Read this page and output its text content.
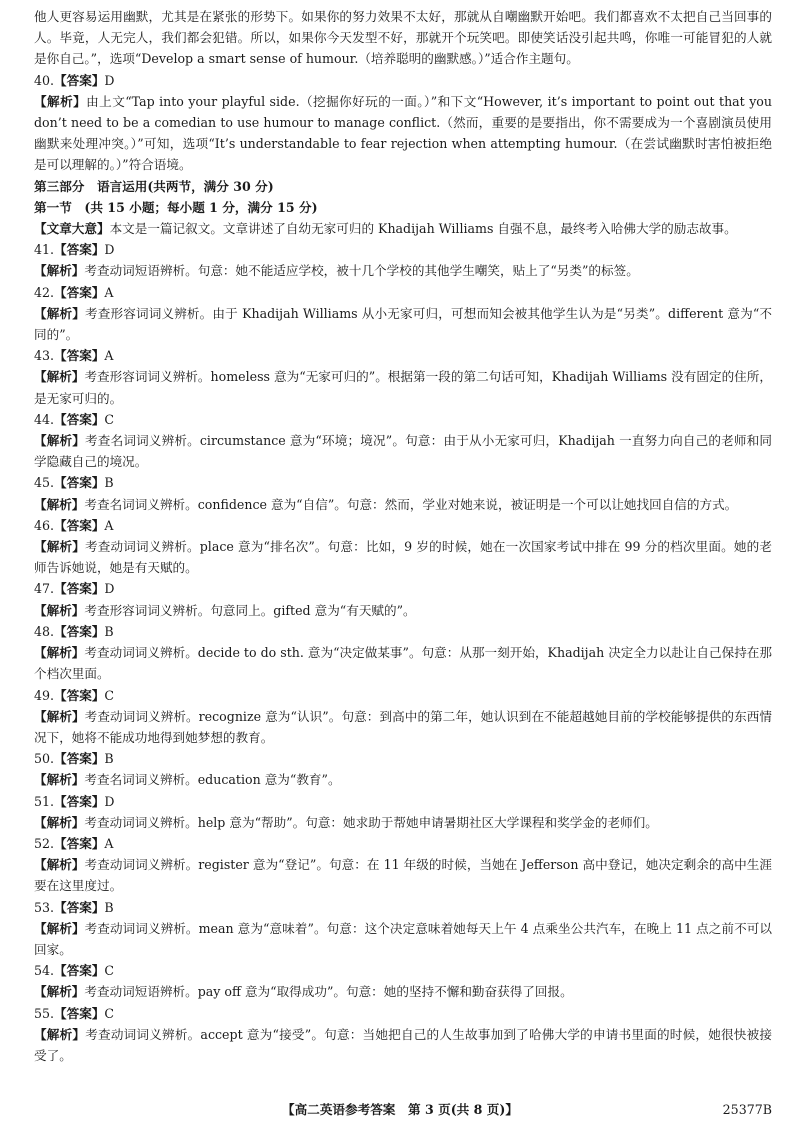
他人更容易运用幽默，尤其是在紧张的形势下。如果你的努力效果不太好，那就从自嘲幽默开始吧。我们都喜欢不太把自己当回事的人。毕竟，人无完人，我们都会犯错。所以，如果你今天发型不好，那就开个玩笑吧。即使笑话没引起共鸣，你唯一可能冒犯的人就是你自己。”，选项“Develop a smart sense of humour.（培养聪明的幽默感。）”适合作主题句。

40.【答案】D

【解析】由上文“Tap into your playful side.（挖掘你好玩的一面。）”和下文“However, it’s important to point out that you don’t need to be a comedian to use humour to manage conflict.（然而，重要的是要指出，你不需要成为一个喜剧演员使用幽默来处理冲突。）”可知，选项“It’s understandable to fear rejection when attempting humour.（在尝试幽默时害怕被拒绝是可以理解的。）”符合语境。

第三部分　语言运用(共两节，满分 30 分)

第一节　(共 15 小题；每小题 1 分，满分 15 分)

【文章大意】本文是一篇记叙文。文章讲述了自幼无家可归的 Khadijah Williams 自强不息，最终考入哈佛大学的励志故事。

41.【答案】D

【解析】考查动词短语辨析。句意：她不能适应学校，被十几个学校的其他学生嘲笑，贴上了“另类”的标签。

42.【答案】A

【解析】考查形容词词义辨析。由于 Khadijah Williams 从小无家可归，可想而知会被其他学生认为是“另类”。different 意为“不同的”。

43.【答案】A

【解析】考查形容词词义辨析。homeless 意为“无家可归的”。根据第一段的第二句话可知，Khadijah Williams 没有固定的住所，是无家可归的。

44.【答案】C

【解析】考查名词词义辨析。circumstance 意为“环境；境况”。句意：由于从小无家可归，Khadijah 一直努力向自己的老师和同学隐藏自己的境况。

45.【答案】B

【解析】考查名词词义辨析。confidence 意为“自信”。句意：然而，学业对她来说，被证明是一个可以让她找回自信的方式。

46.【答案】A

【解析】考查动词词义辨析。place 意为“排名次”。句意：比如，9 岁的时候，她在一次国家考试中排在 99 分的档次里面。她的老师告诉她说，她是有天赋的。

47.【答案】D

【解析】考查形容词词义辨析。句意同上。gifted 意为“有天赋的”。

48.【答案】B

【解析】考查动词词义辨析。decide to do sth. 意为“决定做某事”。句意：从那一刻开始，Khadijah 决定全力以赴让自己保持在那个档次里面。

49.【答案】C

【解析】考查动词词义辨析。recognize 意为“认识”。句意：到高中的第二年，她认识到在不能超越她目前的学校能够提供的东西情况下，她将不能成功地得到她梦想的教育。

50.【答案】B

【解析】考查名词词义辨析。education 意为“教育”。

51.【答案】D

【解析】考查动词词义辨析。help 意为“帮助”。句意：她求助于帮她申请暑期社区大学课程和奖学金的老师们。

52.【答案】A

【解析】考查动词词义辨析。register 意为“登记”。句意：在 11 年级的时候，当她在 Jefferson 高中登记，她决定剩余的高中生涯要在这里度过。

53.【答案】B

【解析】考查动词词义辨析。mean 意为“意味着”。句意：这个决定意味着她每天上午 4 点乘坐公共汽车，在晚上 11 点之前不可以回家。

54.【答案】C

【解析】考查动词短语辨析。pay off 意为“取得成功”。句意：她的坚持不懈和勤奋获得了回报。

55.【答案】C

【解析】考查动词词义辨析。accept 意为“接受”。句意：当她把自己的人生故事加到了哈佛大学的申请书里面的时候，她很快被接受了。

【高二英语参考答案　第 3 页(共 8 页)】	25377B
